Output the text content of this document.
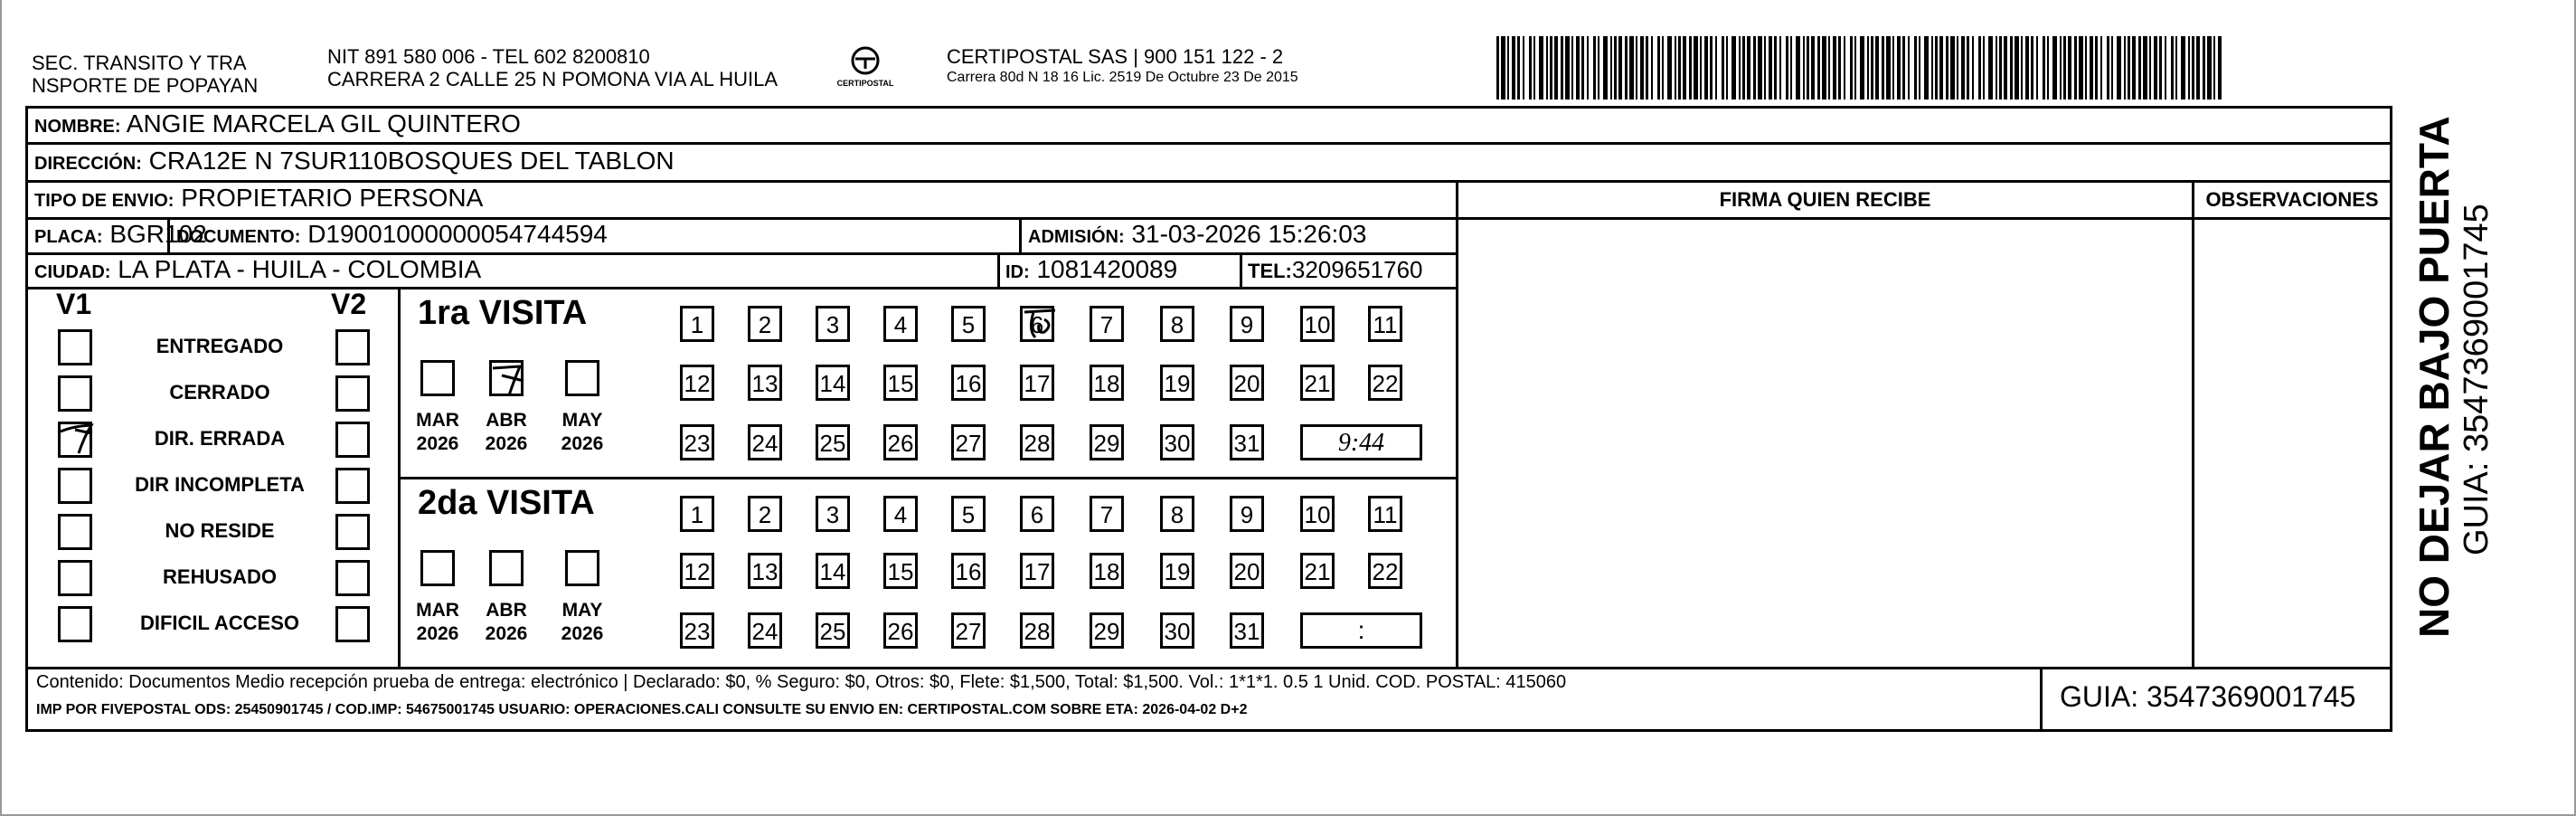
SEC. TRANSITO Y TRA
NSPORTE DE POPAYAN
NIT 891 580 006 - TEL 602 8200810
CARRERA 2 CALLE 25 N POMONA VIA AL HUILA	CERTIPOSTAL
CERTIPOSTAL SAS | 900 151 122 - 2
Carrera 80d N 18 16 Lic. 2519 De Octubre 23 De 2015
NOMBRE: ANGIE MARCELA GIL QUINTERO
DIRECCIÓN: CRA12E N 7SUR110BOSQUES DEL TABLON
TIPO DE ENVIO: PROPIETARIO PERSONA	FIRMA QUIEN RECIBE	OBSERVACIONES
PLACA: BGR102
DOCUMENTO: D19001000000054744594	ADMISIÓN: 31-03-2026 15:26:03
CIUDAD: LA PLATA - HUILA - COLOMBIA	ID: 1081420089	TEL:3209651760
V1	V2
ENTREGADO
CERRADO
DIR. ERRADA
DIR INCOMPLETA
NO RESIDE
REHUSADO
DIFICIL ACCESO
1ra VISITA
MAR
2026
ABR
2026
MAY
2026
1	2	3	4	5	6	7	8	9	10 11
12 13 14 15 16 17 18 19 20 21 22
23 24 25 26 27 28 29 30 31	9:44
2da VISITA
MAR
2026
ABR
2026
MAY
2026
1	2	3	4	5	6	7	8	9	10 11
12 13 14 15 16 17 18 19 20 21 22
23 24 25 26 27 28 29 30 31	:
Contenido: Documentos Medio recepción prueba de entrega: electrónico | Declarado: $0, % Seguro: $0, Otros: $0, Flete: $1,500, Total: $1,500. Vol.: 1*1*1. 0.5 1 Unid. COD. POSTAL: 415060
IMP POR FIVEPOSTAL ODS: 25450901745 / COD.IMP: 54675001745 USUARIO: OPERACIONES.CALI CONSULTE SU ENVIO EN: CERTIPOSTAL.COM SOBRE ETA: 2026-04-02 D+2	GUIA: 3547369001745
NO DEJAR BAJO PUERTA GUIA: 3547369001745
